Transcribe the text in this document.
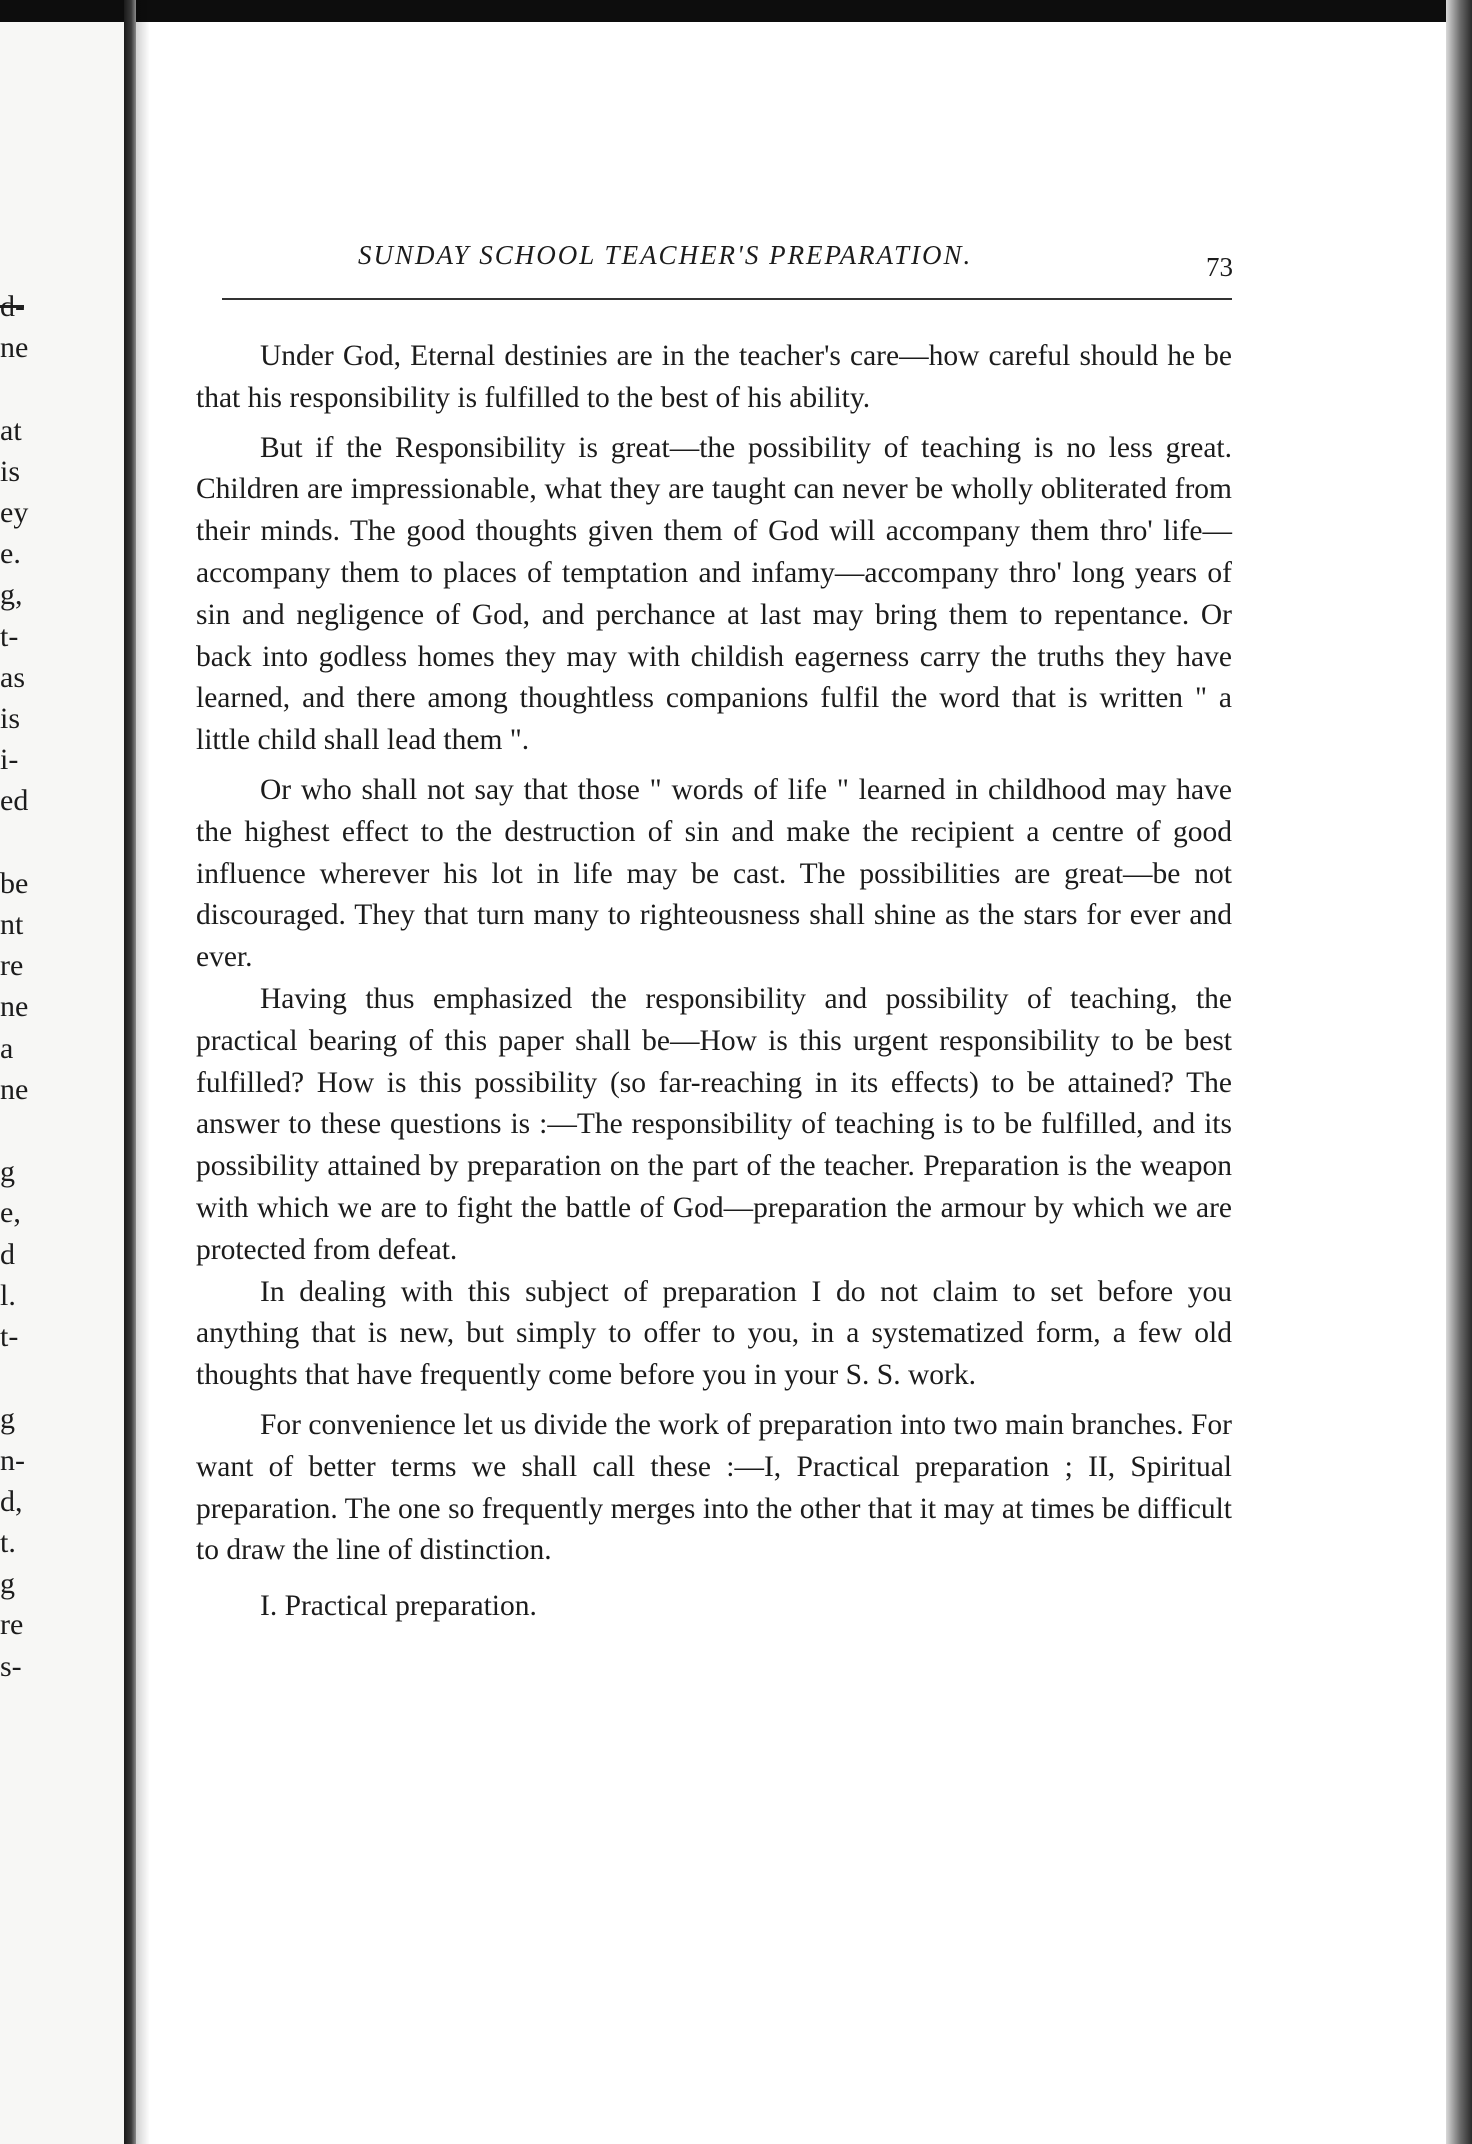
d-
ne
at
is
ey
e.
g,
t-
as
is
i-
ed
be
nt
re
ne
a
ne
g
e,
d
l.
t-
g
n-
d,
t.
g
re
s-
SUNDAY SCHOOL TEACHER'S PREPARATION.	73

Under God, Eternal destinies are in the teacher's care—how careful should he be that his responsibility is fulfilled to the best of his ability.

But if the Responsibility is great—the possibility of teaching is no less great. Children are impressionable, what they are taught can never be wholly obliterated from their minds. The good thoughts given them of God will accompany them thro' life—accompany them to places of temptation and infamy—accompany thro' long years of sin and negligence of God, and perchance at last may bring them to repentance. Or back into godless homes they may with childish eagerness carry the truths they have learned, and there among thoughtless companions fulfil the word that is written " a little child shall lead them ".

Or who shall not say that those " words of life " learned in childhood may have the highest effect to the destruction of sin and make the recipient a centre of good influence wherever his lot in life may be cast. The possibilities are great—be not discouraged. They that turn many to righteousness shall shine as the stars for ever and ever.

Having thus emphasized the responsibility and possibility of teaching, the practical bearing of this paper shall be—How is this urgent responsibility to be best fulfilled? How is this possibility (so far-reaching in its effects) to be attained? The answer to these questions is :—The responsibility of teaching is to be fulfilled, and its possibility attained by preparation on the part of the teacher. Preparation is the weapon with which we are to fight the battle of God—preparation the armour by which we are protected from defeat.

In dealing with this subject of preparation I do not claim to set before you anything that is new, but simply to offer to you, in a systematized form, a few old thoughts that have frequently come before you in your S. S. work.

For convenience let us divide the work of preparation into two main branches. For want of better terms we shall call these :—I, Practical preparation ; II, Spiritual preparation. The one so frequently merges into the other that it may at times be difficult to draw the line of distinction.

I. Practical preparation.
